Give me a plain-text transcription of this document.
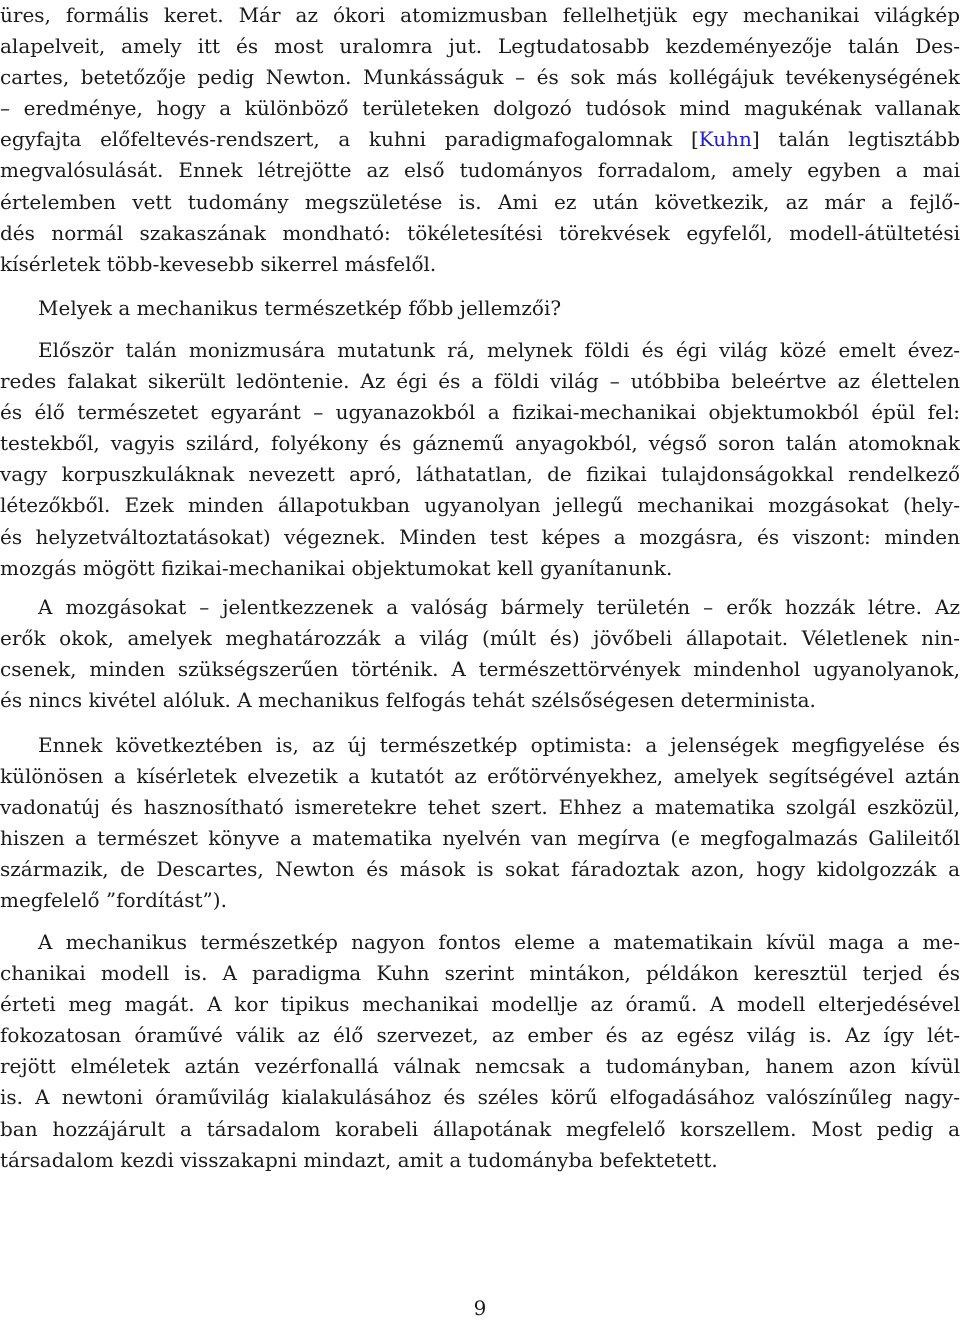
üres, formális keret. Már az ókori atomizmusban fellelhetjük egy mechanikai világkép
alapelveit, amely itt és most uralomra jut. Legtudatosabb kezdeményezője talán Des-
cartes, betetőzője pedig Newton. Munkásságuk – és sok más kollégájuk tevékenységének
– eredménye, hogy a különböző területeken dolgozó tudósok mind magukénak vallanak
egyfajta előfeltevés-rendszert, a kuhni paradigmafogalomnak [Kuhn] talán legtisztább
megvalósulását. Ennek létrejötte az első tudományos forradalom, amely egyben a mai
értelemben vett tudomány megszületése is. Ami ez után következik, az már a fejlő-
dés normál szakaszának mondható: tökéletesítési törekvések egyfelől, modell-átültetési
kísérletek több-kevesebb sikerrel másfelől.
Melyek a mechanikus természetkép főbb jellemzői?
Először talán monizmusára mutatunk rá, melynek földi és égi világ közé emelt évez-
redes falakat sikerült ledöntenie. Az égi és a földi világ – utóbbiba beleértve az élettelen
és élő természetet egyaránt – ugyanazokból a fizikai-mechanikai objektumokból épül fel:
testekből, vagyis szilárd, folyékony és gáznemű anyagokból, végső soron talán atomoknak
vagy korpuszkuláknak nevezett apró, láthatatlan, de fizikai tulajdonságokkal rendelkező
létezőkből. Ezek minden állapotukban ugyanolyan jellegű mechanikai mozgásokat (hely-
és helyzetváltoztatásokat) végeznek. Minden test képes a mozgásra, és viszont: minden
mozgás mögött fizikai-mechanikai objektumokat kell gyanítanunk.
A mozgásokat – jelentkezzenek a valóság bármely területén – erők hozzák létre. Az
erők okok, amelyek meghatározzák a világ (múlt és) jövőbeli állapotait. Véletlenek nin-
csenek, minden szükségszerűen történik. A természettörvények mindenhol ugyanolyanok,
és nincs kivétel alóluk. A mechanikus felfogás tehát szélsőségesen determinista.
Ennek következtében is, az új természetkép optimista: a jelenségek megfigyelése és
különösen a kísérletek elvezetik a kutatót az erőtörvényekhez, amelyek segítségével aztán
vadonatúj és hasznosítható ismeretekre tehet szert. Ehhez a matematika szolgál eszközül,
hiszen a természet könyve a matematika nyelvén van megírva (e megfogalmazás Galileitől
származik, de Descartes, Newton és mások is sokat fáradoztak azon, hogy kidolgozzák a
megfelelő ”fordítást”).
A mechanikus természetkép nagyon fontos eleme a matematikain kívül maga a me-
chanikai modell is. A paradigma Kuhn szerint mintákon, példákon keresztül terjed és
érteti meg magát. A kor tipikus mechanikai modellje az óramű. A modell elterjedésével
fokozatosan óraművé válik az élő szervezet, az ember és az egész világ is. Az így lét-
rejött elméletek aztán vezérfonallá válnak nemcsak a tudományban, hanem azon kívül
is. A newtoni óraművilág kialakulásához és széles körű elfogadásához valószínűleg nagy-
ban hozzájárult a társadalom korabeli állapotának megfelelő korszellem. Most pedig a
társadalom kezdi visszakapni mindazt, amit a tudományba befektetett.
9
